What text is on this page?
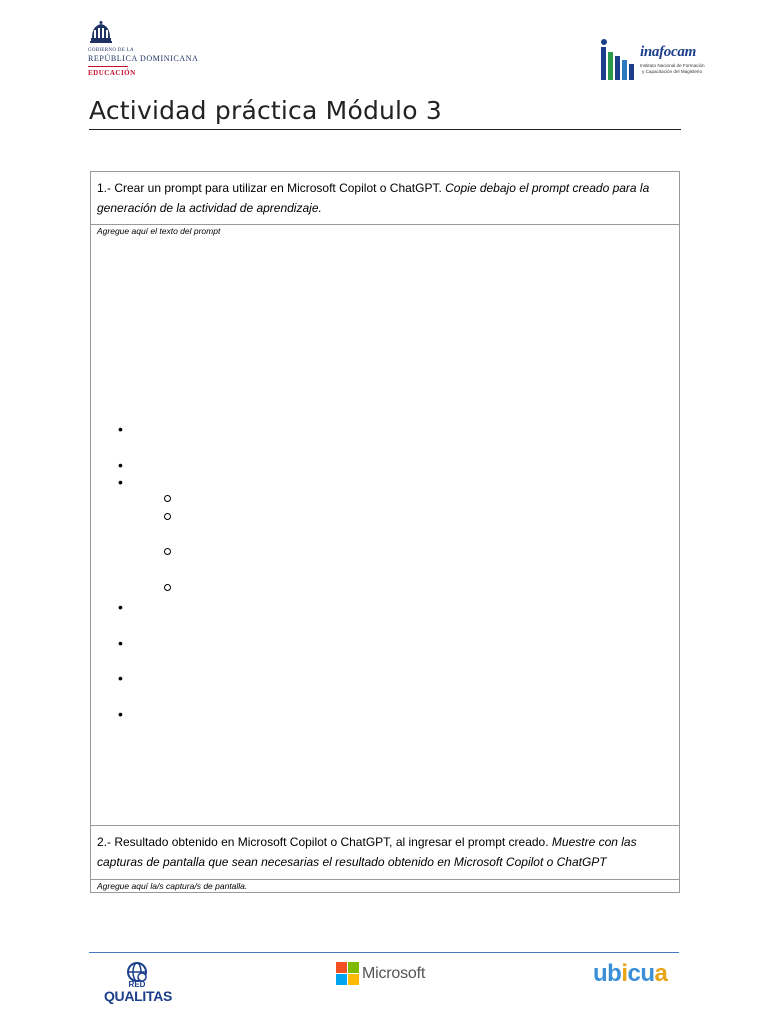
GOBIERNO DE LA
REPÚBLICA DOMINICANA
EDUCACIÓN
inafocam
Instituto Nacional de Formación
y Capacitación del Magisterio
Actividad práctica Módulo 3
1.- Crear un prompt para utilizar en Microsoft Copilot o ChatGPT. Copie debajo el prompt creado para la generación de la actividad de aprendizaje.
Agregue aquí el texto del prompt
•
•
•
•
•
•
•
2.- Resultado obtenido en Microsoft Copilot o ChatGPT, al ingresar el prompt creado. Muestre con las capturas de pantalla que sean necesarias el resultado obtenido en Microsoft Copilot o ChatGPT
Agregue aquí la/s captura/s de pantalla.
RED
QUALITAS
Microsoft	ubicua
